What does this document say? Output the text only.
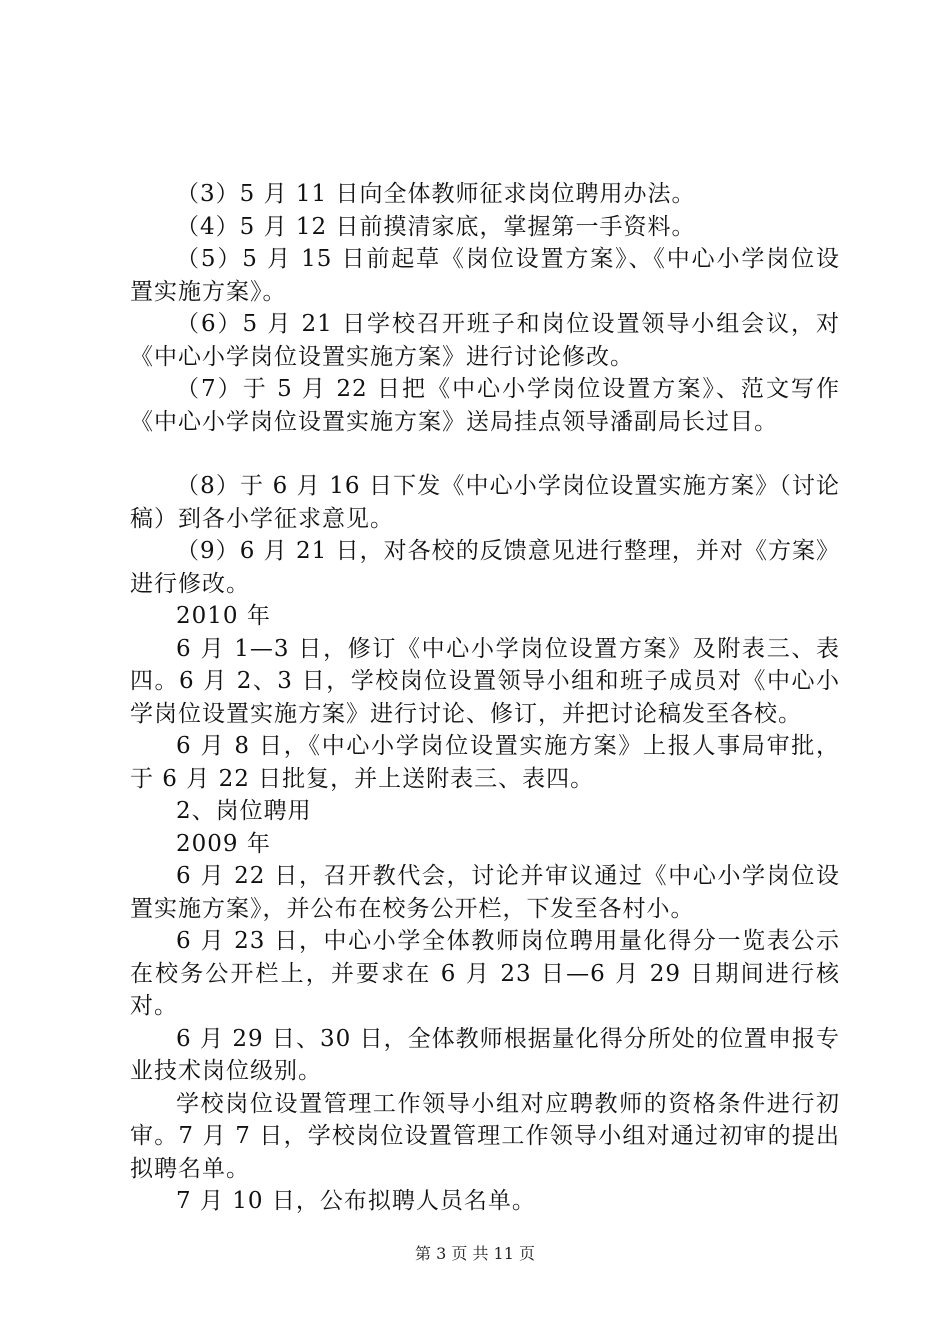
（3）5 月 11 日向全体教师征求岗位聘用办法。

（4）5 月 12 日前摸清家底，掌握第一手资料。

（5）5 月 15 日前起草《岗位设置方案》、《中心小学岗位设置实施方案》。

（6）5 月 21 日学校召开班子和岗位设置领导小组会议，对《中心小学岗位设置实施方案》进行讨论修改。

（7）于 5 月 22 日把《中心小学岗位设置方案》、范文写作《中心小学岗位设置实施方案》送局挂点领导潘副局长过目。

（8）于 6 月 16 日下发《中心小学岗位设置实施方案》（讨论稿）到各小学征求意见。

（9）6 月 21 日，对各校的反馈意见进行整理，并对《方案》进行修改。

2010 年

6 月 1—3 日，修订《中心小学岗位设置方案》及附表三、表四。6 月 2、3 日，学校岗位设置领导小组和班子成员对《中心小学岗位设置实施方案》进行讨论、修订，并把讨论稿发至各校。

6 月 8 日，《中心小学岗位设置实施方案》上报人事局审批，于 6 月 22 日批复，并上送附表三、表四。

2、岗位聘用

2009 年

6 月 22 日，召开教代会，讨论并审议通过《中心小学岗位设置实施方案》，并公布在校务公开栏，下发至各村小。

6 月 23 日，中心小学全体教师岗位聘用量化得分一览表公示在校务公开栏上，并要求在 6 月 23 日—6 月 29 日期间进行核对。

6 月 29 日、30 日，全体教师根据量化得分所处的位置申报专业技术岗位级别。

学校岗位设置管理工作领导小组对应聘教师的资格条件进行初审。7 月 7 日，学校岗位设置管理工作领导小组对通过初审的提出拟聘名单。

7 月 10 日，公布拟聘人员名单。

第 3 页 共 11 页
